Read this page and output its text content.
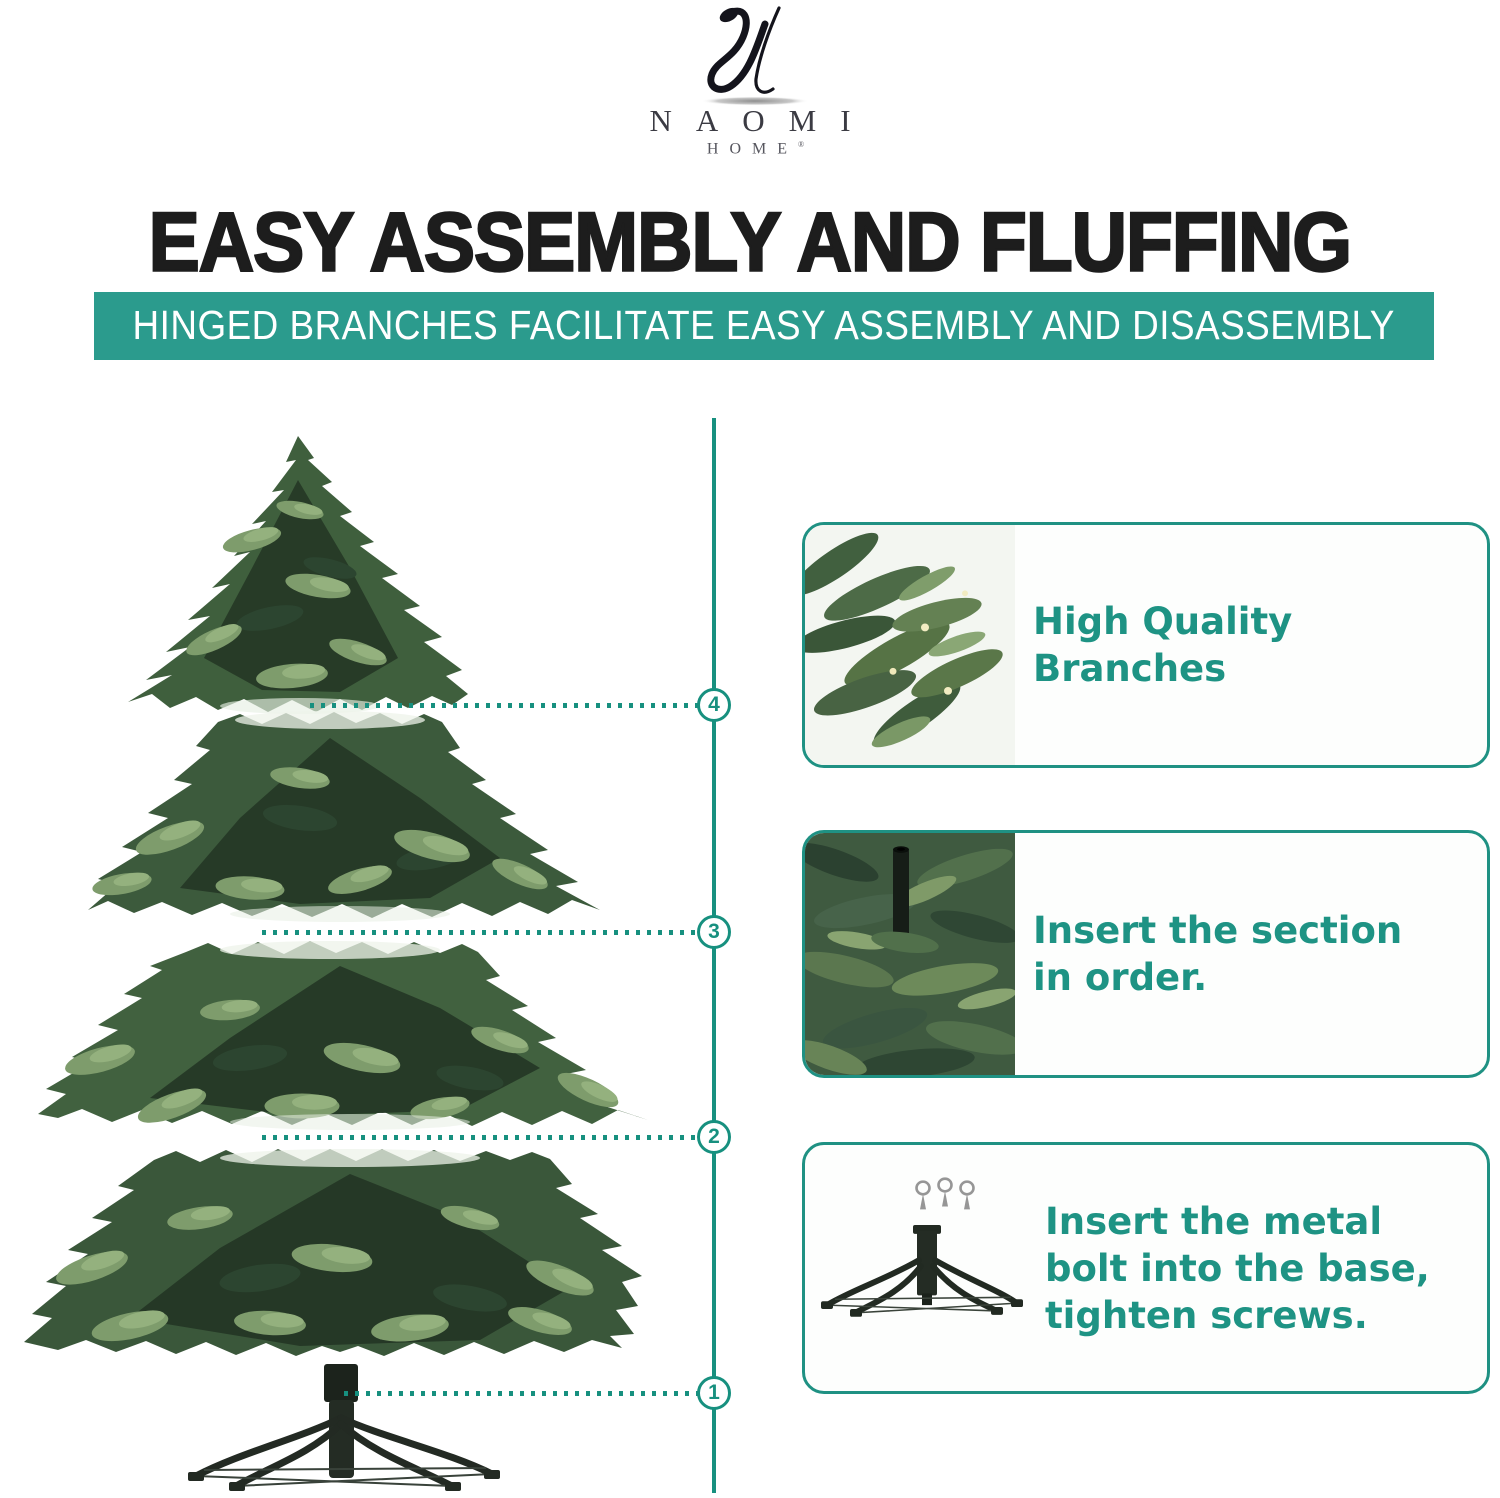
NAOMI
HOME®
EASY ASSEMBLY AND FLUFFING
HINGED BRANCHES FACILITATE EASY ASSEMBLY AND DISASSEMBLY
4
3
2
1
High Quality
Branches
Insert the section
in order.
Insert the metal
bolt into the base,
tighten screws.
